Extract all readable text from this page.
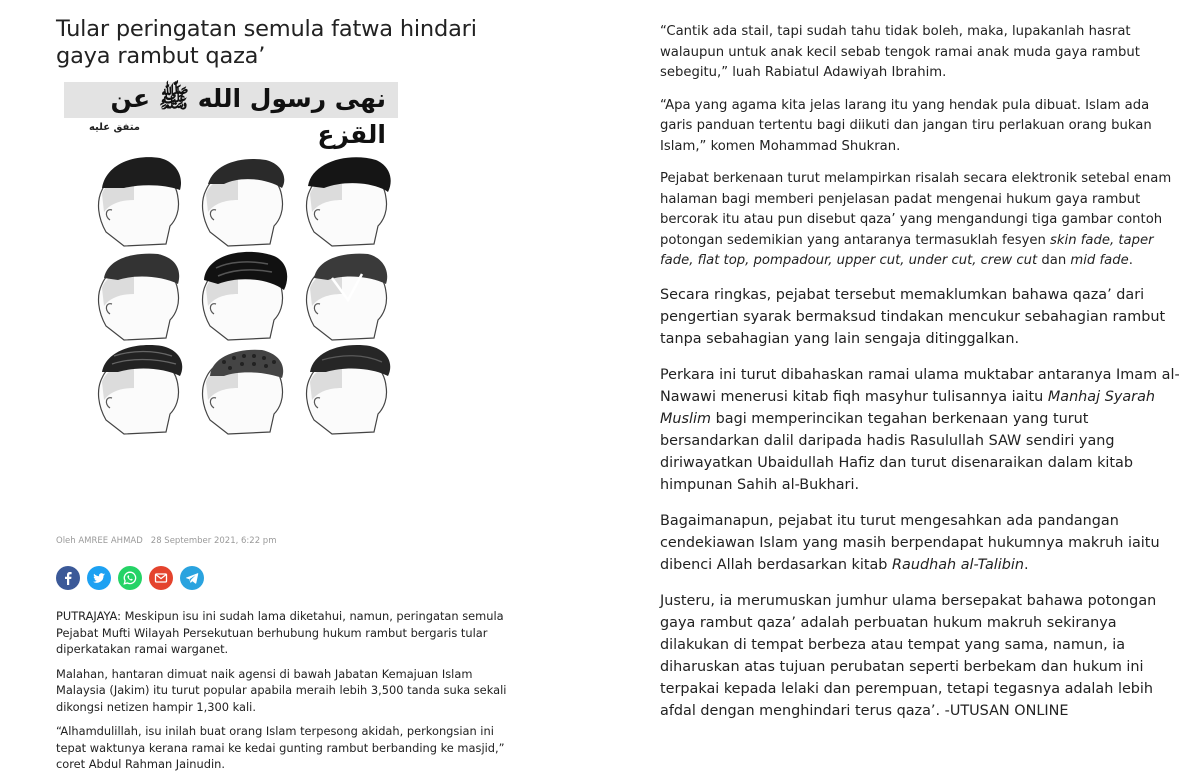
Tular peringatan semula fatwa hindari gaya rambut qaza’
نهى رسول الله ﷺ عن القزع
متفق عليه
Oleh AMREE AHMAD 28 September 2021, 6:22 pm

PUTRAJAYA: Meskipun isu ini sudah lama diketahui, namun, peringatan semula Pejabat Mufti Wilayah Persekutuan berhubung hukum rambut bergaris tular diperkatakan ramai warganet.

Malahan, hantaran dimuat naik agensi di bawah Jabatan Kemajuan Islam Malaysia (Jakim) itu turut popular apabila meraih lebih 3,500 tanda suka sekali dikongsi netizen hampir 1,300 kali.

“Alhamdulillah, isu inilah buat orang Islam terpesong akidah, perkongsian ini tepat waktunya kerana ramai ke kedai gunting rambut berbanding ke masjid,” coret Abdul Rahman Jainudin.

“Cantik ada stail, tapi sudah tahu tidak boleh, maka, lupakanlah hasrat walaupun untuk anak kecil sebab tengok ramai anak muda gaya rambut sebegitu,” luah Rabiatul Adawiyah Ibrahim.

“Apa yang agama kita jelas larang itu yang hendak pula dibuat. Islam ada garis panduan tertentu bagi diikuti dan jangan tiru perlakuan orang bukan Islam,” komen Mohammad Shukran.

Pejabat berkenaan turut melampirkan risalah secara elektronik setebal enam halaman bagi memberi penjelasan padat mengenai hukum gaya rambut bercorak itu atau pun disebut qaza’ yang mengandungi tiga gambar contoh potongan sedemikian yang antaranya termasuklah fesyen skin fade, taper fade, flat top, pompadour, upper cut, under cut, crew cut dan mid fade.

Secara ringkas, pejabat tersebut memaklumkan bahawa qaza’ dari pengertian syarak bermaksud tindakan mencukur sebahagian rambut tanpa sebahagian yang lain sengaja ditinggalkan.

Perkara ini turut dibahaskan ramai ulama muktabar antaranya Imam al-Nawawi menerusi kitab fiqh masyhur tulisannya iaitu Manhaj Syarah Muslim bagi memperincikan tegahan berkenaan yang turut bersandarkan dalil daripada hadis Rasulullah SAW sendiri yang diriwayatkan Ubaidullah Hafiz dan turut disenaraikan dalam kitab himpunan Sahih al-Bukhari.

Bagaimanapun, pejabat itu turut mengesahkan ada pandangan cendekiawan Islam yang masih berpendapat hukumnya makruh iaitu dibenci Allah berdasarkan kitab Raudhah al-Talibin.

Justeru, ia merumuskan jumhur ulama bersepakat bahawa potongan gaya rambut qaza’ adalah perbuatan hukum makruh sekiranya dilakukan di tempat berbeza atau tempat yang sama, namun, ia diharuskan atas tujuan perubatan seperti berbekam dan hukum ini terpakai kepada lelaki dan perempuan, tetapi tegasnya adalah lebih afdal dengan menghindari terus qaza’. -UTUSAN ONLINE
